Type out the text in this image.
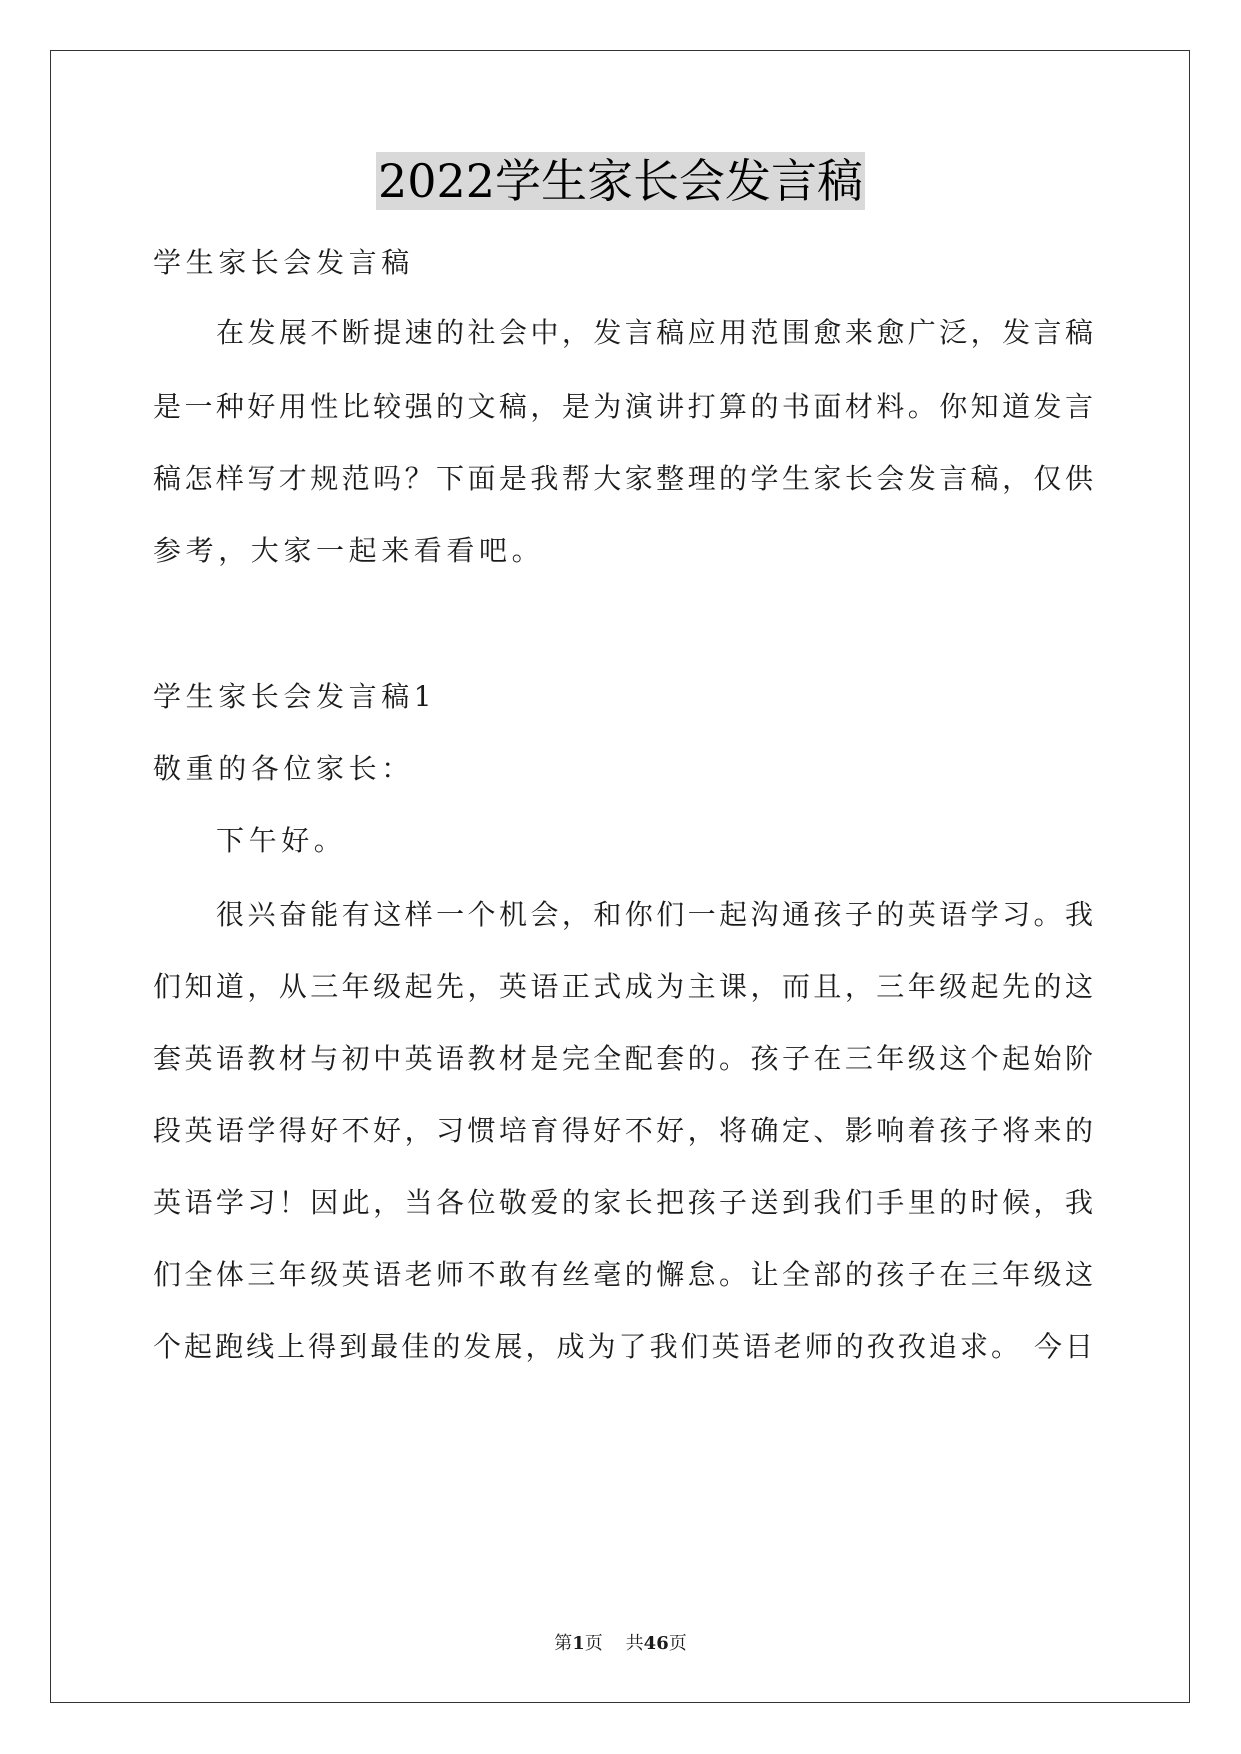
2022学生家长会发言稿
学生家长会发言稿
在发展不断提速的社会中，发言稿应用范围愈来愈广泛，发言稿
是一种好用性比较强的文稿，是为演讲打算的书面材料。你知道发言
稿怎样写才规范吗？下面是我帮大家整理的学生家长会发言稿，仅供
参考，大家一起来看看吧。
学生家长会发言稿1
敬重的各位家长：
下午好。
很兴奋能有这样一个机会，和你们一起沟通孩子的英语学习。我
们知道，从三年级起先，英语正式成为主课，而且，三年级起先的这
套英语教材与初中英语教材是完全配套的。孩子在三年级这个起始阶
段英语学得好不好，习惯培育得好不好，将确定、影响着孩子将来的
英语学习！因此，当各位敬爱的家长把孩子送到我们手里的时候，我
们全体三年级英语老师不敢有丝毫的懈怠。让全部的孩子在三年级这
个起跑线上得到最佳的发展，成为了我们英语老师的孜孜追求。 今日
第1页 共46页
